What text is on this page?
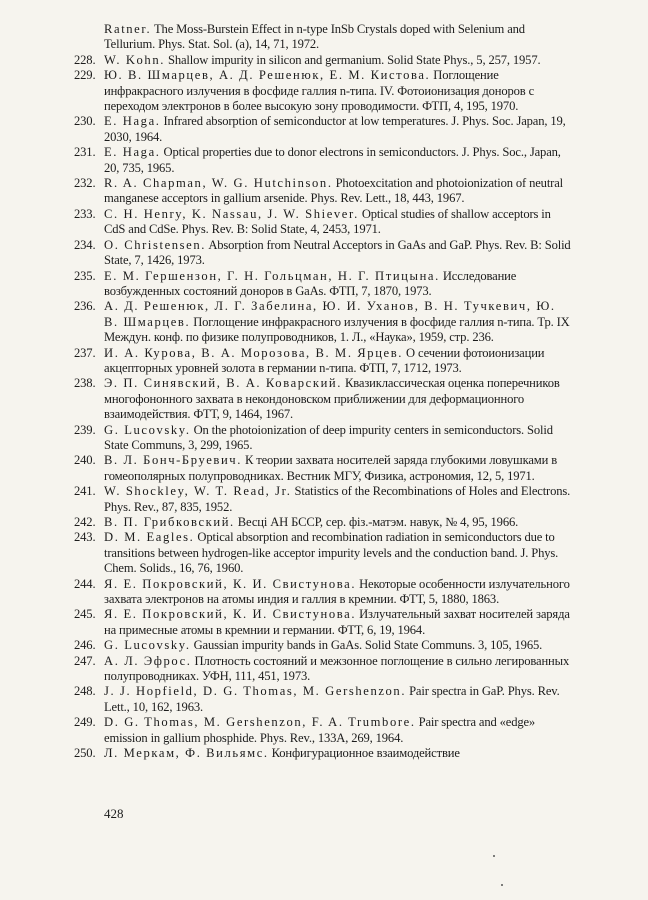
Ratner. The Moss-Burstein Effect in n-type InSb Crystals doped with Selenium and Tellurium. Phys. Stat. Sol. (a), 14, 71, 1972.
228. W. Kohn. Shallow impurity in silicon and germanium. Solid State Phys., 5, 257, 1957.
229. Ю. В. Шмарцев, А. Д. Решенюк, Е. М. Кистова. Поглощение инфракрасного излучения в фосфиде галлия n-типа. IV. Фотоионизация доноров с переходом электронов в более высокую зону проводимости. ФТП, 4, 195, 1970.
230. E. Haga. Infrared absorption of semiconductor at low temperatures. J. Phys. Soc. Japan, 19, 2030, 1964.
231. E. Haga. Optical properties due to donor electrons in semiconductors. J. Phys. Soc., Japan, 20, 735, 1965.
232. R. A. Chapman, W. G. Hutchinson. Photoexcitation and photoionization of neutral manganese acceptors in gallium arsenide. Phys. Rev. Lett., 18, 443, 1967.
233. C. H. Henry, K. Nassau, J. W. Shiever. Optical studies of shallow acceptors in CdS and CdSe. Phys. Rev. B: Solid State, 4, 2453, 1971.
234. O. Christensen. Absorption from Neutral Acceptors in GaAs and GaP. Phys. Rev. B: Solid State, 7, 1426, 1973.
235. Е. М. Гершензон, Г. Н. Гольцман, Н. Г. Птицына. Исследование возбужденных состояний доноров в GaAs. ФТП, 7, 1870, 1973.
236. А. Д. Решенюк, Л. Г. Забелина, Ю. И. Уханов, В. Н. Тучкевич, Ю. В. Шмарцев. Поглощение инфракрасного излучения в фосфиде галлия n-типа. Тр. IX Междун. конф. по физике полупроводников, 1. Л., «Наука», 1959, стр. 236.
237. И. А. Курова, В. А. Морозова, В. М. Ярцев. О сечении фотоионизации акцепторных уровней золота в германии n-типа. ФТП, 7, 1712, 1973.
238. Э. П. Синявский, В. А. Коварский. Квазиклассическая оценка поперечников многофононного захвата в некондоновском приближении для деформационного взаимодействия. ФТТ, 9, 1464, 1967.
239. G. Lucovsky. On the photoionization of deep impurity centers in semiconductors. Solid State Communs, 3, 299, 1965.
240. В. Л. Бонч-Бруевич. К теории захвата носителей заряда глубокими ловушками в гомеополярных полупроводниках. Вестник МГУ, Физика, астрономия, 12, 5, 1971.
241. W. Shockley, W. T. Read, Jr. Statistics of the Recombinations of Holes and Electrons. Phys. Rev., 87, 835, 1952.
242. В. П. Грибковский. Весцi АН БССР, сер. фiз.-матэм. навук, № 4, 95, 1966.
243. D. M. Eagles. Optical absorption and recombination radiation in semiconductors due to transitions between hydrogen-like acceptor impurity levels and the conduction band. J. Phys. Chem. Solids., 16, 76, 1960.
244. Я. Е. Покровский, К. И. Свистунова. Некоторые особенности излучательного захвата электронов на атомы индия и галлия в кремнии. ФТТ, 5, 1880, 1863.
245. Я. Е. Покровский, К. И. Свистунова. Излучательный захват носителей заряда на примесные атомы в кремнии и германии. ФТТ, 6, 19, 1964.
246. G. Lucovsky. Gaussian impurity bands in GaAs. Solid State Communs. 3, 105, 1965.
247. А. Л. Эфрос. Плотность состояний и межзонное поглощение в сильно легированных полупроводниках. УФН, 111, 451, 1973.
248. J. J. Hopfield, D. G. Thomas, M. Gershenzon. Pair spectra in GaP. Phys. Rev. Lett., 10, 162, 1963.
249. D. G. Thomas, M. Gershenzon, F. A. Trumbore. Pair spectra and «edge» emission in gallium phosphide. Phys. Rev., 133A, 269, 1964.
250. Л. Меркам, Ф. Вильямс. Конфигурационное взаимодействие
428
